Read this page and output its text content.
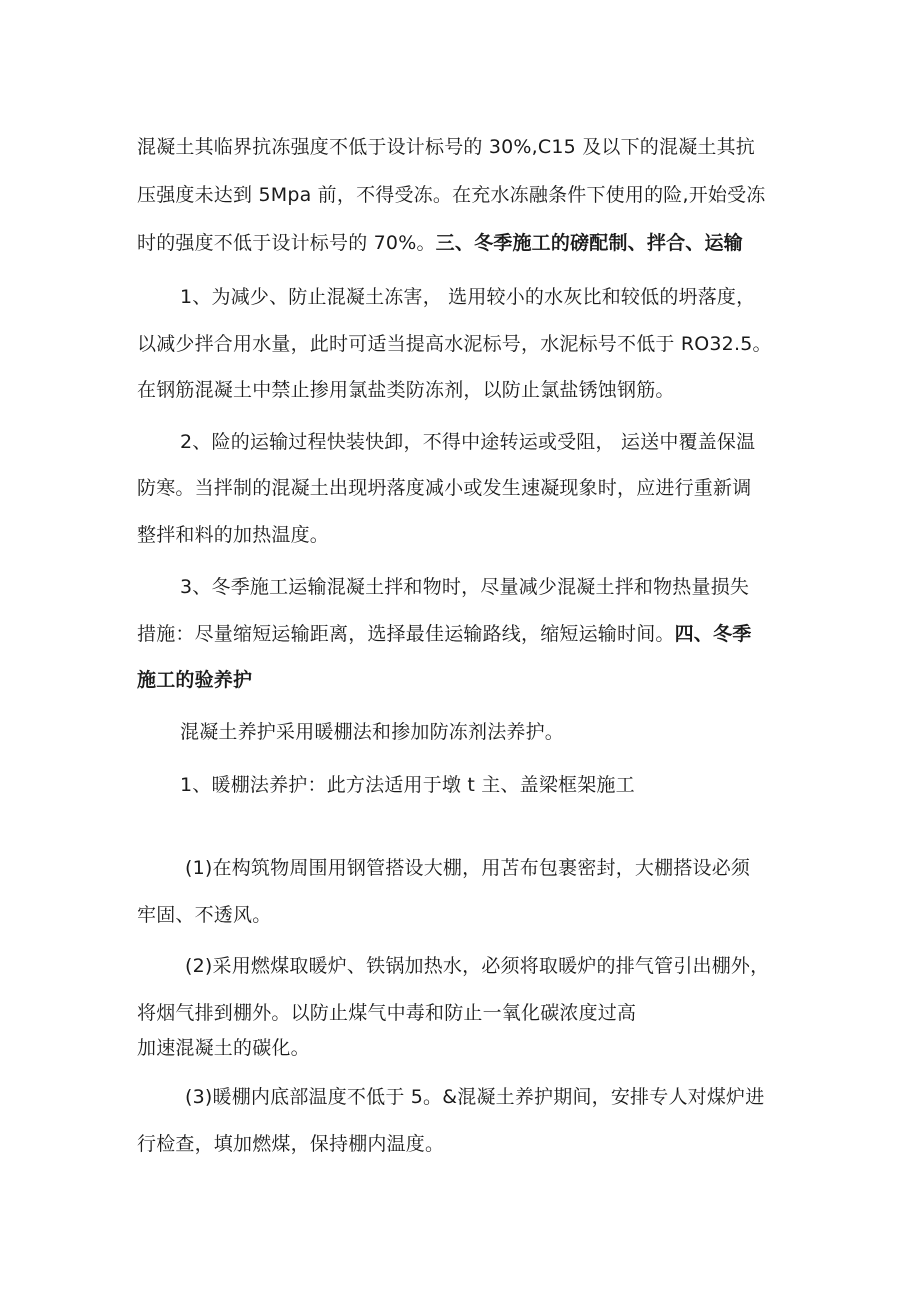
混凝土其临界抗冻强度不低于设计标号的 30%,C15 及以下的混凝土其抗

压强度未达到 5Mpa 前，不得受冻。在充水冻融条件下使用的险,开始受冻

时的强度不低于设计标号的 70%。三、冬季施工的磅配制、拌合、运输

1、为减少、防止混凝土冻害， 选用较小的水灰比和较低的坍落度，

以减少拌合用水量，此时可适当提高水泥标号，水泥标号不低于 RO32.5。

在钢筋混凝土中禁止掺用氯盐类防冻剂，以防止氯盐锈蚀钢筋。

2、险的运输过程快装快卸，不得中途转运或受阻， 运送中覆盖保温

防寒。当拌制的混凝土出现坍落度减小或发生速凝现象时，应进行重新调

整拌和料的加热温度。

3、冬季施工运输混凝土拌和物时，尽量减少混凝土拌和物热量损失

措施：尽量缩短运输距离，选择最佳运输路线，缩短运输时间。四、冬季

施工的验养护

混凝土养护采用暖棚法和掺加防冻剂法养护。

1、暖棚法养护：此方法适用于墩 t 主、盖梁框架施工

(1)在构筑物周围用钢管搭设大棚，用苫布包裹密封，大棚搭设必须

牢固、不透风。

(2)采用燃煤取暖炉、铁锅加热水，必须将取暖炉的排气管引出棚外，

将烟气排到棚外。以防止煤气中毒和防止一氧化碳浓度过高

加速混凝土的碳化。

(3)暖棚内底部温度不低于 5。&混凝土养护期间，安排专人对煤炉进

行检查，填加燃煤，保持棚内温度。
